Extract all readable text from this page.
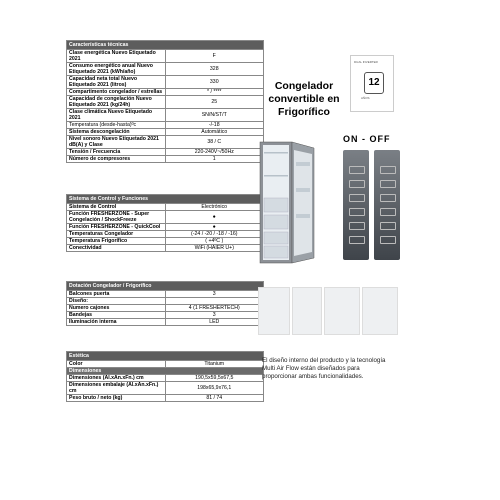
Características técnicas	
Clase energética Nuevo Etiquetado 2021	F
Consumo energético anual Nuevo Etiquetado 2021 (kWh/año)	328
Capacidad neta total Nuevo Etiquetado 2021 (litros)	330
Compartimento congelador / estrellas	* / ****
Capacidad de congelación Nuevo Etiquetado 2021 (kg/24h)	25
Clase climática Nuevo Etiquetado 2021	SN/N/ST/T
Temperatura (desde-hasta)ºc	-/-18
Sistema descongelación	Automático
Nivel sonoro Nuevo Etiquetado 2021 dB(A) y Clase	38 / C
Tensión / Frecuencia	220-240V~/50Hz
Número de compresores	1
Sistema de Control y Funciones	
Sistema de Control	Electrónico
Función FRESHERZONE - Super Congelación / ShockFreeze	●
Función FRESHERZONE - QuickCool	●
Temperaturas Congelador	(-24 / -20 / -18 / -16)
Temperatura Frigorífico	( +4ºC )
Conectividad	WiFi (HAIER U+)
Dotación Congelador / Frigorífico	
Balcones puerta	3
Diseño:	
Numero cajones	4 (1 FRESHERTECH)
Bandejas	3
Iluminación interna	LED
Estética	
Color	Titanium
Dimensiones	
Dimensiones (Al.xAn.xFn.) cm	190,5x59,5x67,5
Dimensiones embalaje (Al.xAn.xFn.) cm	198x65,9x76,1
Peso bruto / neto (kg)	81 / 74
Congelador convertible en Frigorífico
DUAL INVERTER
12
AÑOS
ON - OFF
El diseño interno del producto y la tecnología Multi Air Flow están diseñados para proporcionar ambas funcionalidades.
